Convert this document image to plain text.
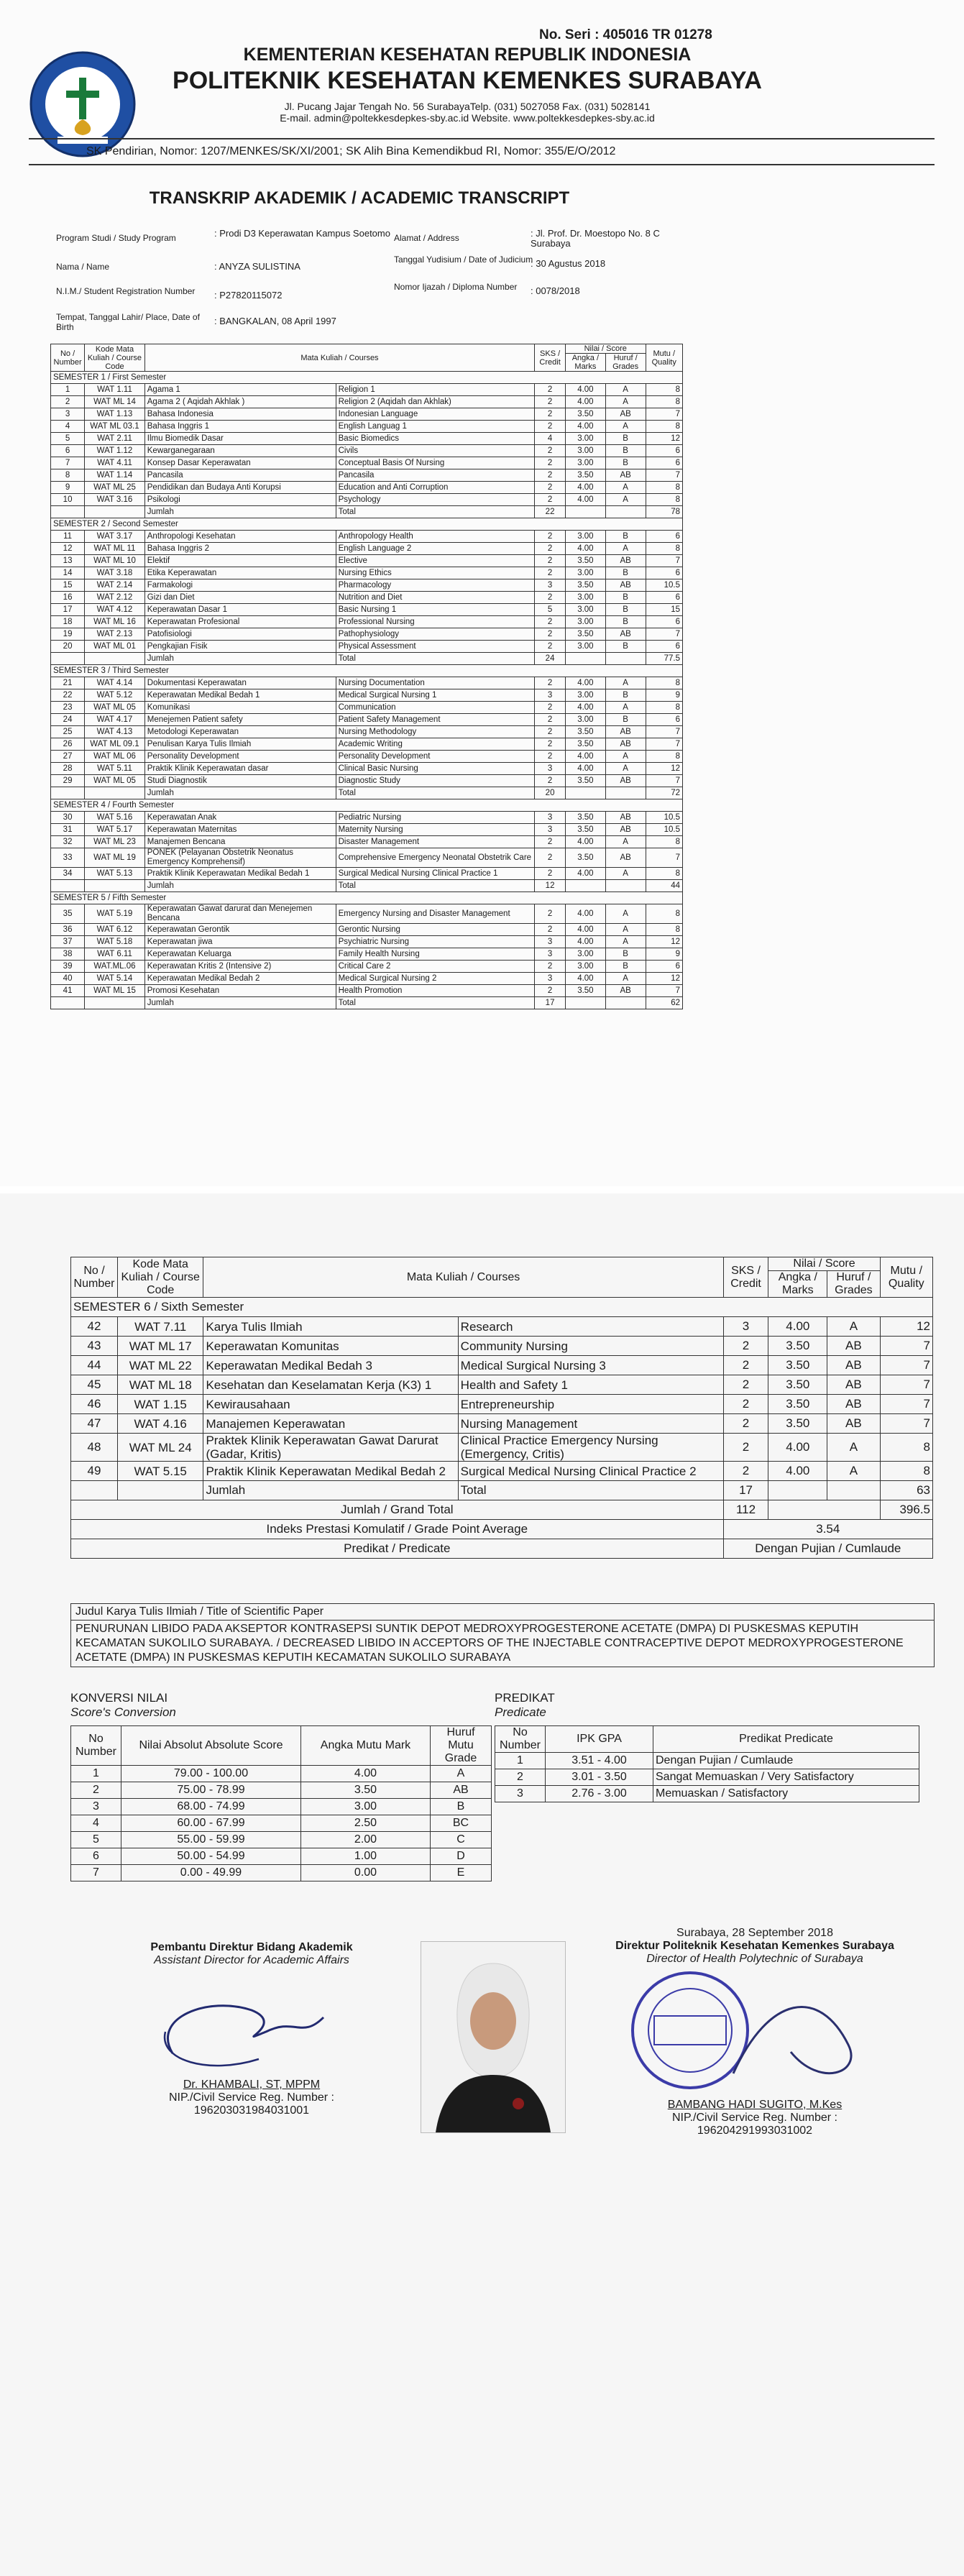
No. Seri : 405016 TR 01278
KEMENTERIAN KESEHATAN REPUBLIK INDONESIA
POLITEKNIK KESEHATAN KEMENKES SURABAYA
Jl. Pucang Jajar Tengah No. 56 SurabayaTelp. (031) 5027058 Fax. (031) 5028141
E-mail. admin@poltekkesdepkes-sby.ac.id Website. www.poltekkesdepkes-sby.ac.id
SK Pendirian, Nomor: 1207/MENKES/SK/XI/2001; SK Alih Bina Kemendikbud RI, Nomor: 355/E/O/2012
TRANSKRIP AKADEMIK / ACADEMIC TRANSCRIPT
Program Studi / Study Program	: Prodi D3 Keperawatan Kampus Soetomo
Nama / Name	: ANYZA SULISTINA
N.I.M./ Student Registration Number	: P27820115072
Tempat, Tanggal Lahir/ Place, Date of Birth
: BANGKALAN, 08 April 1997
Alamat / Address	: Jl. Prof. Dr. Moestopo No. 8 C Surabaya
Tanggal Yudisium / Date of Judicium
: 30 Agustus 2018
Nomor Ijazah / Diploma Number	: 0078/2018
No / Number	Kode Mata Kuliah / Course Code	Mata Kuliah / Courses		SKS / Credit	Nilai / Score		Mutu / Quality
					Angka / Marks	Huruf / Grades	
SEMESTER 1 / First Semester							
1	WAT 1.11	Agama 1	Religion 1	2	4.00	A	8
2	WAT ML 14	Agama 2 ( Aqidah Akhlak )	Religion 2 (Aqidah dan Akhlak)	2	4.00	A	8
3	WAT 1.13	Bahasa Indonesia	Indonesian Language	2	3.50	AB	7
4	WAT ML 03.1	Bahasa Inggris 1	English Languag 1	2	4.00	A	8
5	WAT 2.11	Ilmu Biomedik Dasar	Basic Biomedics	4	3.00	B	12
6	WAT 1.12	Kewarganegaraan	Civils	2	3.00	B	6
7	WAT 4.11	Konsep Dasar Keperawatan	Conceptual Basis Of Nursing	2	3.00	B	6
8	WAT 1.14	Pancasila	Pancasila	2	3.50	AB	7
9	WAT ML 25	Pendidikan dan Budaya Anti Korupsi	Education and Anti Corruption	2	4.00	A	8
10	WAT 3.16	Psikologi	Psychology	2	4.00	A	8
		Jumlah	Total	22			78
SEMESTER 2 / Second Semester							
11	WAT 3.17	Anthropologi Kesehatan	Anthropology Health	2	3.00	B	6
12	WAT ML 11	Bahasa Inggris 2	English Language 2	2	4.00	A	8
13	WAT ML 10	Elektif	Elective	2	3.50	AB	7
14	WAT 3.18	Etika Keperawatan	Nursing Ethics	2	3.00	B	6
15	WAT 2.14	Farmakologi	Pharmacology	3	3.50	AB	10.5
16	WAT 2.12	Gizi dan Diet	Nutrition and Diet	2	3.00	B	6
17	WAT 4.12	Keperawatan Dasar 1	Basic Nursing 1	5	3.00	B	15
18	WAT ML 16	Keperawatan Profesional	Professional Nursing	2	3.00	B	6
19	WAT 2.13	Patofisiologi	Pathophysiology	2	3.50	AB	7
20	WAT ML 01	Pengkajian Fisik	Physical Assessment	2	3.00	B	6
		Jumlah	Total	24			77.5
SEMESTER 3 / Third Semester							
21	WAT 4.14	Dokumentasi Keperawatan	Nursing Documentation	2	4.00	A	8
22	WAT 5.12	Keperawatan Medikal Bedah 1	Medical Surgical Nursing 1	3	3.00	B	9
23	WAT ML 05	Komunikasi	Communication	2	4.00	A	8
24	WAT 4.17	Menejemen Patient safety	Patient Safety Management	2	3.00	B	6
25	WAT 4.13	Metodologi Keperawatan	Nursing Methodology	2	3.50	AB	7
26	WAT ML 09.1	Penulisan Karya Tulis Ilmiah	Academic Writing	2	3.50	AB	7
27	WAT ML 06	Personality Development	Personality Development	2	4.00	A	8
28	WAT 5.11	Praktik Klinik Keperawatan dasar	Clinical Basic Nursing	3	4.00	A	12
29	WAT ML 05	Studi Diagnostik	Diagnostic Study	2	3.50	AB	7
		Jumlah	Total	20			72
SEMESTER 4 / Fourth Semester							
30	WAT 5.16	Keperawatan Anak	Pediatric Nursing	3	3.50	AB	10.5
31	WAT 5.17	Keperawatan Maternitas	Maternity Nursing	3	3.50	AB	10.5
32	WAT ML 23	Manajemen Bencana	Disaster Management	2	4.00	A	8
33	WAT ML 19	PONEK (Pelayanan Obstetrik Neonatus Emergency Komprehensif)	Comprehensive Emergency Neonatal Obstetrik Care	2	3.50	AB	7
34	WAT 5.13	Praktik Klinik Keperawatan Medikal Bedah 1	Surgical Medical Nursing Clinical Practice 1	2	4.00	A	8
		Jumlah	Total	12			44
SEMESTER 5 / Fifth Semester							
35	WAT 5.19	Keperawatan Gawat darurat dan Menejemen Bencana	Emergency Nursing and Disaster Management	2	4.00	A	8
36	WAT 6.12	Keperawatan Gerontik	Gerontic Nursing	2	4.00	A	8
37	WAT 5.18	Keperawatan jiwa	Psychiatric Nursing	3	4.00	A	12
38	WAT 6.11	Keperawatan Keluarga	Family Health Nursing	3	3.00	B	9
39	WAT.ML.06	Keperawatan Kritis 2 (Intensive 2)	Critical Care 2	2	3.00	B	6
40	WAT 5.14	Keperawatan Medikal Bedah 2	Medical Surgical Nursing 2	3	4.00	A	12
41	WAT ML 15	Promosi Kesehatan	Health Promotion	2	3.50	AB	7
		Jumlah	Total	17			62
No / Number	Kode Mata Kuliah / Course Code	Mata Kuliah / Courses		SKS / Credit	Nilai / Score		Mutu / Quality
					Angka / Marks	Huruf / Grades	
SEMESTER 6 / Sixth Semester							
42	WAT 7.11	Karya Tulis Ilmiah	Research	3	4.00	A	12
43	WAT ML 17	Keperawatan Komunitas	Community Nursing	2	3.50	AB	7
44	WAT ML 22	Keperawatan Medikal Bedah 3	Medical Surgical Nursing 3	2	3.50	AB	7
45	WAT ML 18	Kesehatan dan Keselamatan Kerja (K3) 1	Health and Safety 1	2	3.50	AB	7
46	WAT 1.15	Kewirausahaan	Entrepreneurship	2	3.50	AB	7
47	WAT 4.16	Manajemen Keperawatan	Nursing Management	2	3.50	AB	7
48	WAT ML 24	Praktek Klinik Keperawatan Gawat Darurat (Gadar, Kritis)	Clinical Practice Emergency Nursing (Emergency, Critis)	2	4.00	A	8
49	WAT 5.15	Praktik Klinik Keperawatan Medikal Bedah 2	Surgical Medical Nursing Clinical Practice 2	2	4.00	A	8
		Jumlah	Total	17			63
Jumlah / Grand Total				112			396.5
Indeks Prestasi Komulatif / Grade Point Average				3.54			
Predikat / Predicate				Dengan Pujian / Cumlaude			
Judul Karya Tulis Ilmiah / Title of Scientific Paper
PENURUNAN LIBIDO PADA AKSEPTOR KONTRASEPSI SUNTIK DEPOT MEDROXYPROGESTERONE ACETATE (DMPA) DI PUSKESMAS KEPUTIH KECAMATAN SUKOLILO SURABAYA. / DECREASED LIBIDO IN ACCEPTORS OF THE INJECTABLE CONTRACEPTIVE DEPOT MEDROXYPROGESTERONE ACETATE (DMPA) IN PUSKESMAS KEPUTIH KECAMATAN SUKOLILO SURABAYA
KONVERSI NILAI
Score's Conversion
No Number	Nilai Absolut Absolute Score	Angka Mutu Mark	Huruf Mutu Grade
1	79.00 - 100.00	4.00	A
2	75.00 - 78.99	3.50	AB
3	68.00 - 74.99	3.00	B
4	60.00 - 67.99	2.50	BC
5	55.00 - 59.99	2.00	C
6	50.00 - 54.99	1.00	D
7	0.00 - 49.99	0.00	E
PREDIKAT
Predicate
No Number	IPK GPA	Predikat Predicate
1	3.51 - 4.00	Dengan Pujian / Cumlaude
2	3.01 - 3.50	Sangat Memuaskan / Very Satisfactory
3	2.76 - 3.00	Memuaskan / Satisfactory
Pembantu Direktur Bidang Akademik
Assistant Director for Academic Affairs
Dr. KHAMBALI, ST, MPPM
NIP./Civil Service Reg. Number :
196203031984031001
Surabaya, 28 September 2018
Direktur Politeknik Kesehatan Kemenkes Surabaya
Director of Health Polytechnic of Surabaya
BAMBANG HADI SUGITO, M.Kes
NIP./Civil Service Reg. Number :
196204291993031002
